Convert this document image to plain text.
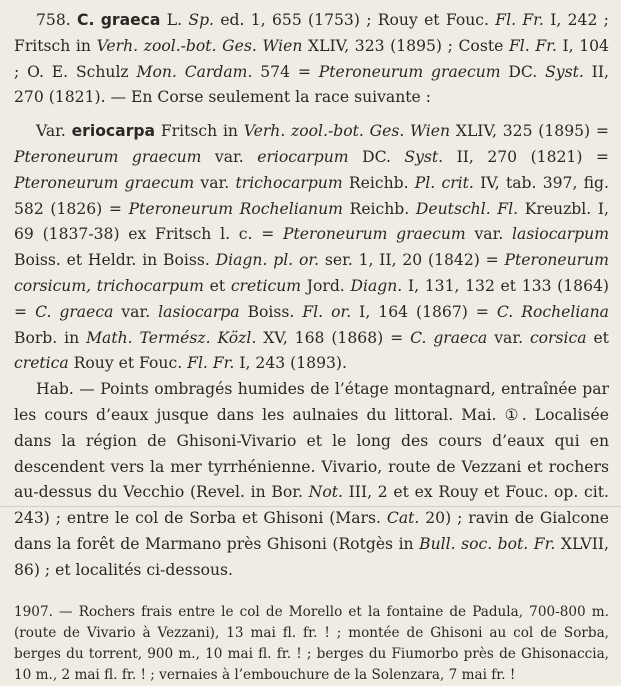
758. C. graeca L. Sp. ed. 1, 655 (1753) ; Rouy et Fouc. Fl. Fr. I, 242 ; Fritsch in Verh. zool.-bot. Ges. Wien XLIV, 323 (1895) ; Coste Fl. Fr. I, 104 ; O. E. Schulz Mon. Cardam. 574 = Pteroneurum graecum DC. Syst. II, 270 (1821). — En Corse seulement la race suivante :

Var. eriocarpa Fritsch in Verh. zool.-bot. Ges. Wien XLIV, 325 (1895) = Pteroneurum graecum var. eriocarpum DC. Syst. II, 270 (1821) = Pteroneurum graecum var. trichocarpum Reichb. Pl. crit. IV, tab. 397, fig. 582 (1826) = Pteroneurum Rochelianum Reichb. Deutschl. Fl. Kreuzbl. I, 69 (1837-38) ex Fritsch l. c. = Pteroneurum graecum var. lasiocarpum Boiss. et Heldr. in Boiss. Diagn. pl. or. ser. 1, II, 20 (1842) = Pteroneurum corsicum, trichocarpum et creticum Jord. Diagn. I, 131, 132 et 133 (1864) = C. graeca var. lasiocarpa Boiss. Fl. or. I, 164 (1867) = C. Rocheliana Borb. in Math. Termész. Közl. XV, 168 (1868) = C. graeca var. corsica et cretica Rouy et Fouc. Fl. Fr. I, 243 (1893).

Hab. — Points ombragés humides de l’étage montagnard, entraînée par les cours d’eaux jusque dans les aulnaies du littoral. Mai. ①. Localisée dans la région de Ghisoni-Vivario et le long des cours d’eaux qui en descendent vers la mer tyrrhénienne. Vivario, route de Vezzani et rochers au-dessus du Vecchio (Revel. in Bor. Not. III, 2 et ex Rouy et Fouc. op. cit. 243) ; entre le col de Sorba et Ghisoni (Mars. Cat. 20) ; ravin de Gialcone dans la forêt de Marmano près Ghisoni (Rotgès in Bull. soc. bot. Fr. XLVII, 86) ; et localités ci-dessous.

1907. — Rochers frais entre le col de Morello et la fontaine de Padula, 700-800 m. (route de Vivario à Vezzani), 13 mai fl. fr. ! ; montée de Ghisoni au col de Sorba, berges du torrent, 900 m., 10 mai fl. fr. ! ; berges du Fiumorbo près de Ghisonaccia, 10 m., 2 mai fl. fr. ! ; vernaies à l’embouchure de la Solenzara, 7 mai fr. !
